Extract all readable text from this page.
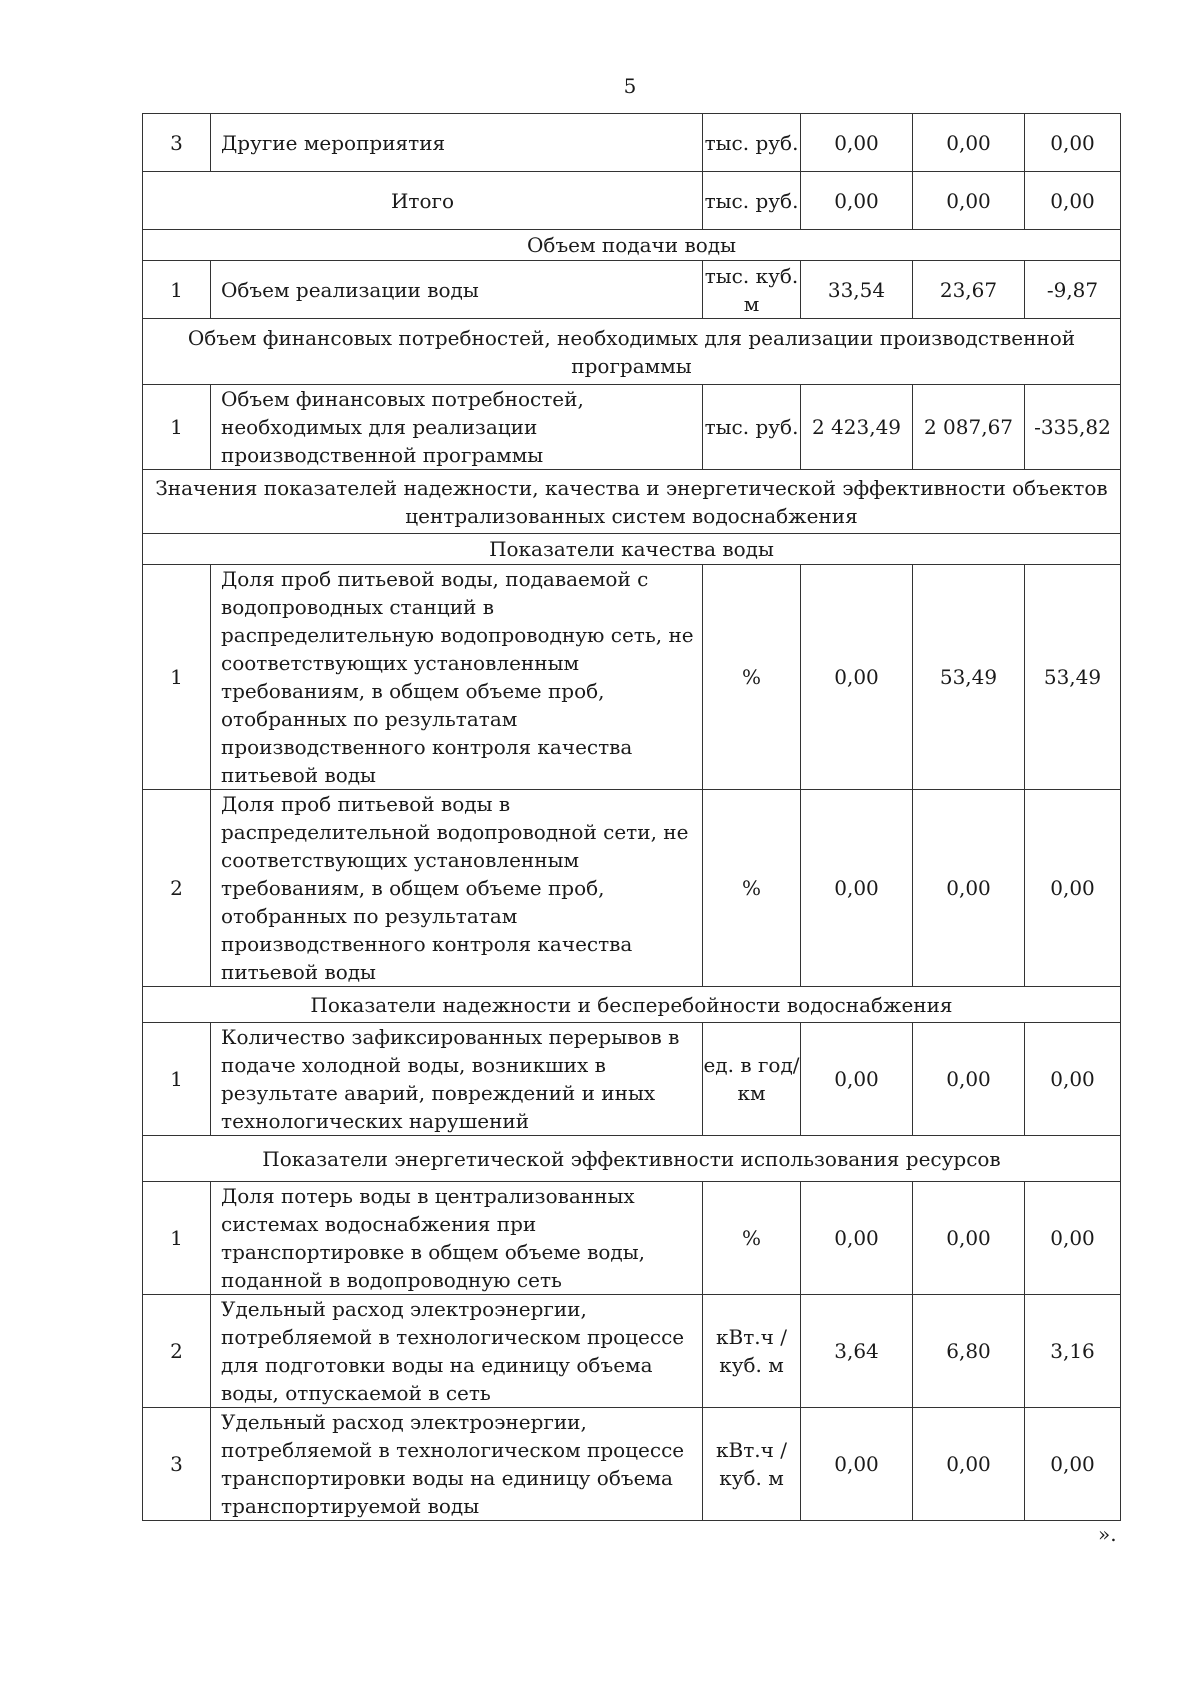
5
3	Другие мероприятия	тыс. руб.	0,00	0,00	0,00
Итого		тыс. руб.	0,00	0,00	0,00
Объем подачи воды					
1	Объем реализации воды	тыс. куб. м	33,54	23,67	-9,87
Объем финансовых потребностей, необходимых для реализации производственной программы					
1	Объем финансовых потребностей, необходимых для реализации производственной программы	тыс. руб.	2 423,49	2 087,67	-335,82
Значения показателей надежности, качества и энергетической эффективности объектов централизованных систем водоснабжения					
Показатели качества воды					
1	Доля проб питьевой воды, подаваемой с водопроводных станций в распределительную водопроводную сеть, не соответствующих установленным требованиям, в общем объеме проб, отобранных по результатам производственного контроля качества питьевой воды	%	0,00	53,49	53,49
2	Доля проб питьевой воды в распределительной водопроводной сети, не соответствующих установленным требованиям, в общем объеме проб, отобранных по результатам производственного контроля качества питьевой воды	%	0,00	0,00	0,00
Показатели надежности и бесперебойности водоснабжения					
1	Количество зафиксированных перерывов в подаче холодной воды, возникших в результате аварий, повреждений и иных технологических нарушений	ед. в год/ км	0,00	0,00	0,00
Показатели энергетической эффективности использования ресурсов					
1	Доля потерь воды в централизованных системах водоснабжения при транспортировке в общем объеме воды, поданной в водопроводную сеть	%	0,00	0,00	0,00
2	Удельный расход электроэнергии, потребляемой в технологическом процессе для подготовки воды на единицу объема воды, отпускаемой в сеть	кВт.ч / куб. м	3,64	6,80	3,16
3	Удельный расход электроэнергии, потребляемой в технологическом процессе транспортировки воды на единицу объема транспортируемой воды	кВт.ч / куб. м	0,00	0,00	0,00
».
